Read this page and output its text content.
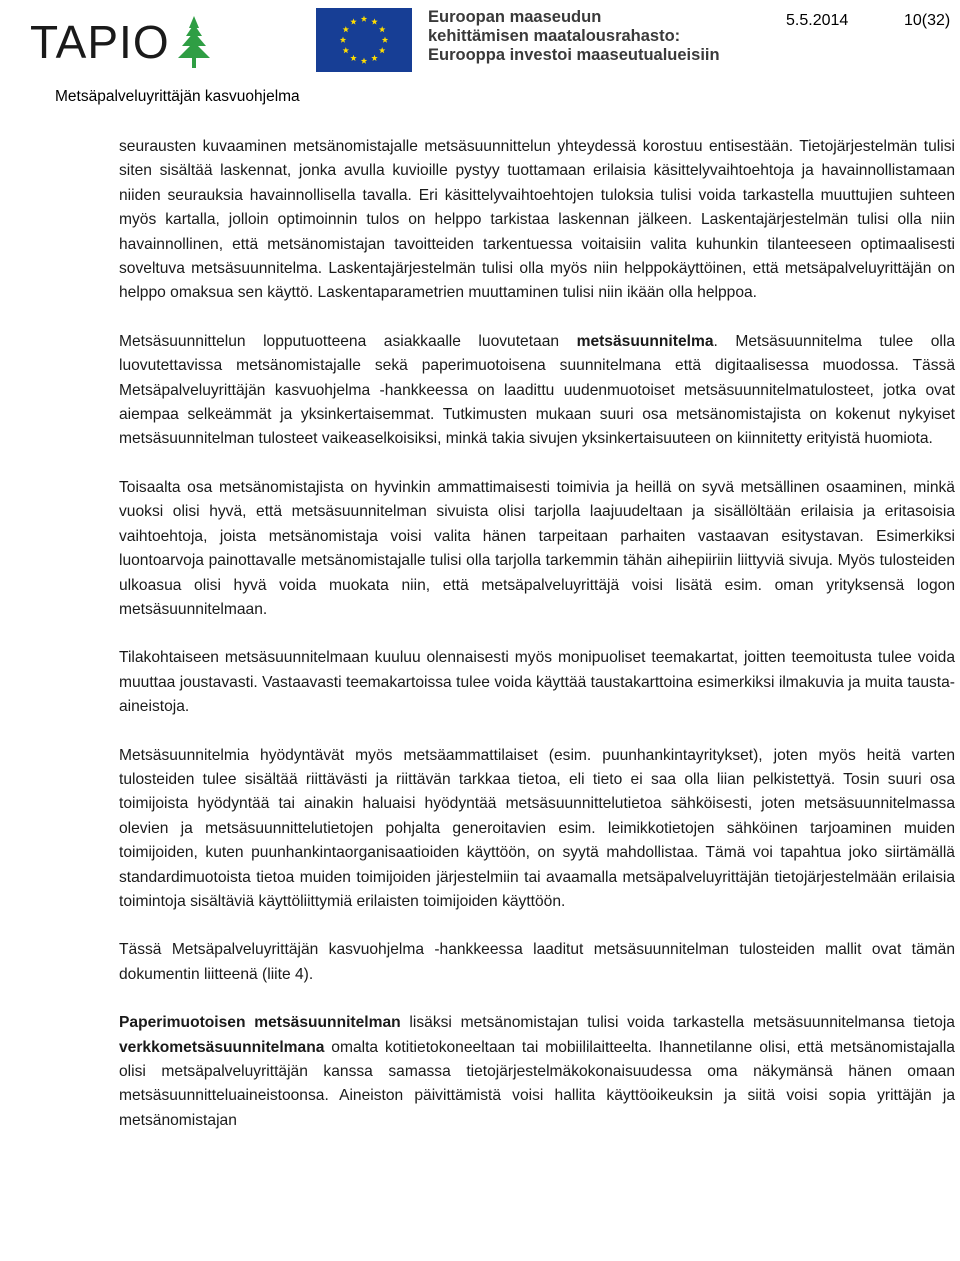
TAPIO	Euroopan maaseudun
kehittämisen maatalousrahasto:
Eurooppa investoi maaseutualueisiin
5.5.2014	10(32)
Metsäpalveluyrittäjän kasvuohjelma

seurausten kuvaaminen metsänomistajalle metsäsuunnittelun yhteydessä korostuu entisestään. Tietojärjestelmän tulisi siten sisältää laskennat, jonka avulla kuvioille pystyy tuottamaan erilaisia käsittelyvaihtoehtoja ja havainnollistamaan niiden seurauksia havainnollisella tavalla. Eri käsittelyvaihtoehtojen tuloksia tulisi voida tarkastella muuttujien suhteen myös kartalla, jolloin optimoinnin tulos on helppo tarkistaa laskennan jälkeen. Laskentajärjestelmän tulisi olla niin havainnollinen, että metsänomistajan tavoitteiden tarkentuessa voitaisiin valita kuhunkin tilanteeseen optimaalisesti soveltuva metsäsuunnitelma. Laskentajärjestelmän tulisi olla myös niin helppokäyttöinen, että metsäpalveluyrittäjän on helppo omaksua sen käyttö. Laskentaparametrien muuttaminen tulisi niin ikään olla helppoa.

Metsäsuunnittelun lopputuotteena asiakkaalle luovutetaan metsäsuunnitelma. Metsäsuunnitelma tulee olla luovutettavissa metsänomistajalle sekä paperimuotoisena suunnitelmana että digitaalisessa muodossa. Tässä Metsäpalveluyrittäjän kasvuohjelma -hankkeessa on laadittu uudenmuotoiset metsäsuunnitelmatulosteet, jotka ovat aiempaa selkeämmät ja yksinkertaisemmat. Tutkimusten mukaan suuri osa metsänomistajista on kokenut nykyiset metsäsuunnitelman tulosteet vaikeaselkoisiksi, minkä takia sivujen yksinkertaisuuteen on kiinnitetty erityistä huomiota.

Toisaalta osa metsänomistajista on hyvinkin ammattimaisesti toimivia ja heillä on syvä metsällinen osaaminen, minkä vuoksi olisi hyvä, että metsäsuunnitelman sivuista olisi tarjolla laajuudeltaan ja sisällöltään erilaisia ja eritasoisia vaihtoehtoja, joista metsänomistaja voisi valita hänen tarpeitaan parhaiten vastaavan esitystavan. Esimerkiksi luontoarvoja painottavalle metsänomistajalle tulisi olla tarjolla tarkemmin tähän aihepiiriin liittyviä sivuja. Myös tulosteiden ulkoasua olisi hyvä voida muokata niin, että metsäpalveluyrittäjä voisi lisätä esim. oman yrityksensä logon metsäsuunnitelmaan.

Tilakohtaiseen metsäsuunnitelmaan kuuluu olennaisesti myös monipuoliset teemakartat, joitten teemoitusta tulee voida muuttaa joustavasti. Vastaavasti teemakartoissa tulee voida käyttää taustakarttoina esimerkiksi ilmakuvia ja muita tausta-aineistoja.

Metsäsuunnitelmia hyödyntävät myös metsäammattilaiset (esim. puunhankintayritykset), joten myös heitä varten tulosteiden tulee sisältää riittävästi ja riittävän tarkkaa tietoa, eli tieto ei saa olla liian pelkistettyä. Tosin suuri osa toimijoista hyödyntää tai ainakin haluaisi hyödyntää metsäsuunnittelutietoa sähköisesti, joten metsäsuunnitelmassa olevien ja metsäsuunnittelutietojen pohjalta generoitavien esim. leimikkotietojen sähköinen tarjoaminen muiden toimijoiden, kuten puunhankintaorganisaatioiden käyttöön, on syytä mahdollistaa. Tämä voi tapahtua joko siirtämällä standardimuotoista tietoa muiden toimijoiden järjestelmiin tai avaamalla metsäpalveluyrittäjän tietojärjestelmään erilaisia toimintoja sisältäviä käyttöliittymiä erilaisten toimijoiden käyttöön.

Tässä Metsäpalveluyrittäjän kasvuohjelma -hankkeessa laaditut metsäsuunnitelman tulosteiden mallit ovat tämän dokumentin liitteenä (liite 4).

Paperimuotoisen metsäsuunnitelman lisäksi metsänomistajan tulisi voida tarkastella metsäsuunnitelmansa tietoja verkkometsäsuunnitelmana omalta kotitietokoneeltaan tai mobiililaitteelta. Ihannetilanne olisi, että metsänomistajalla olisi metsäpalveluyrittäjän kanssa samassa tietojärjestelmäkokonaisuudessa oma näkymänsä hänen omaan metsäsuunnitteluaineistoonsa. Aineiston päivittämistä voisi hallita käyttöoikeuksin ja siitä voisi sopia yrittäjän ja metsänomistajan
